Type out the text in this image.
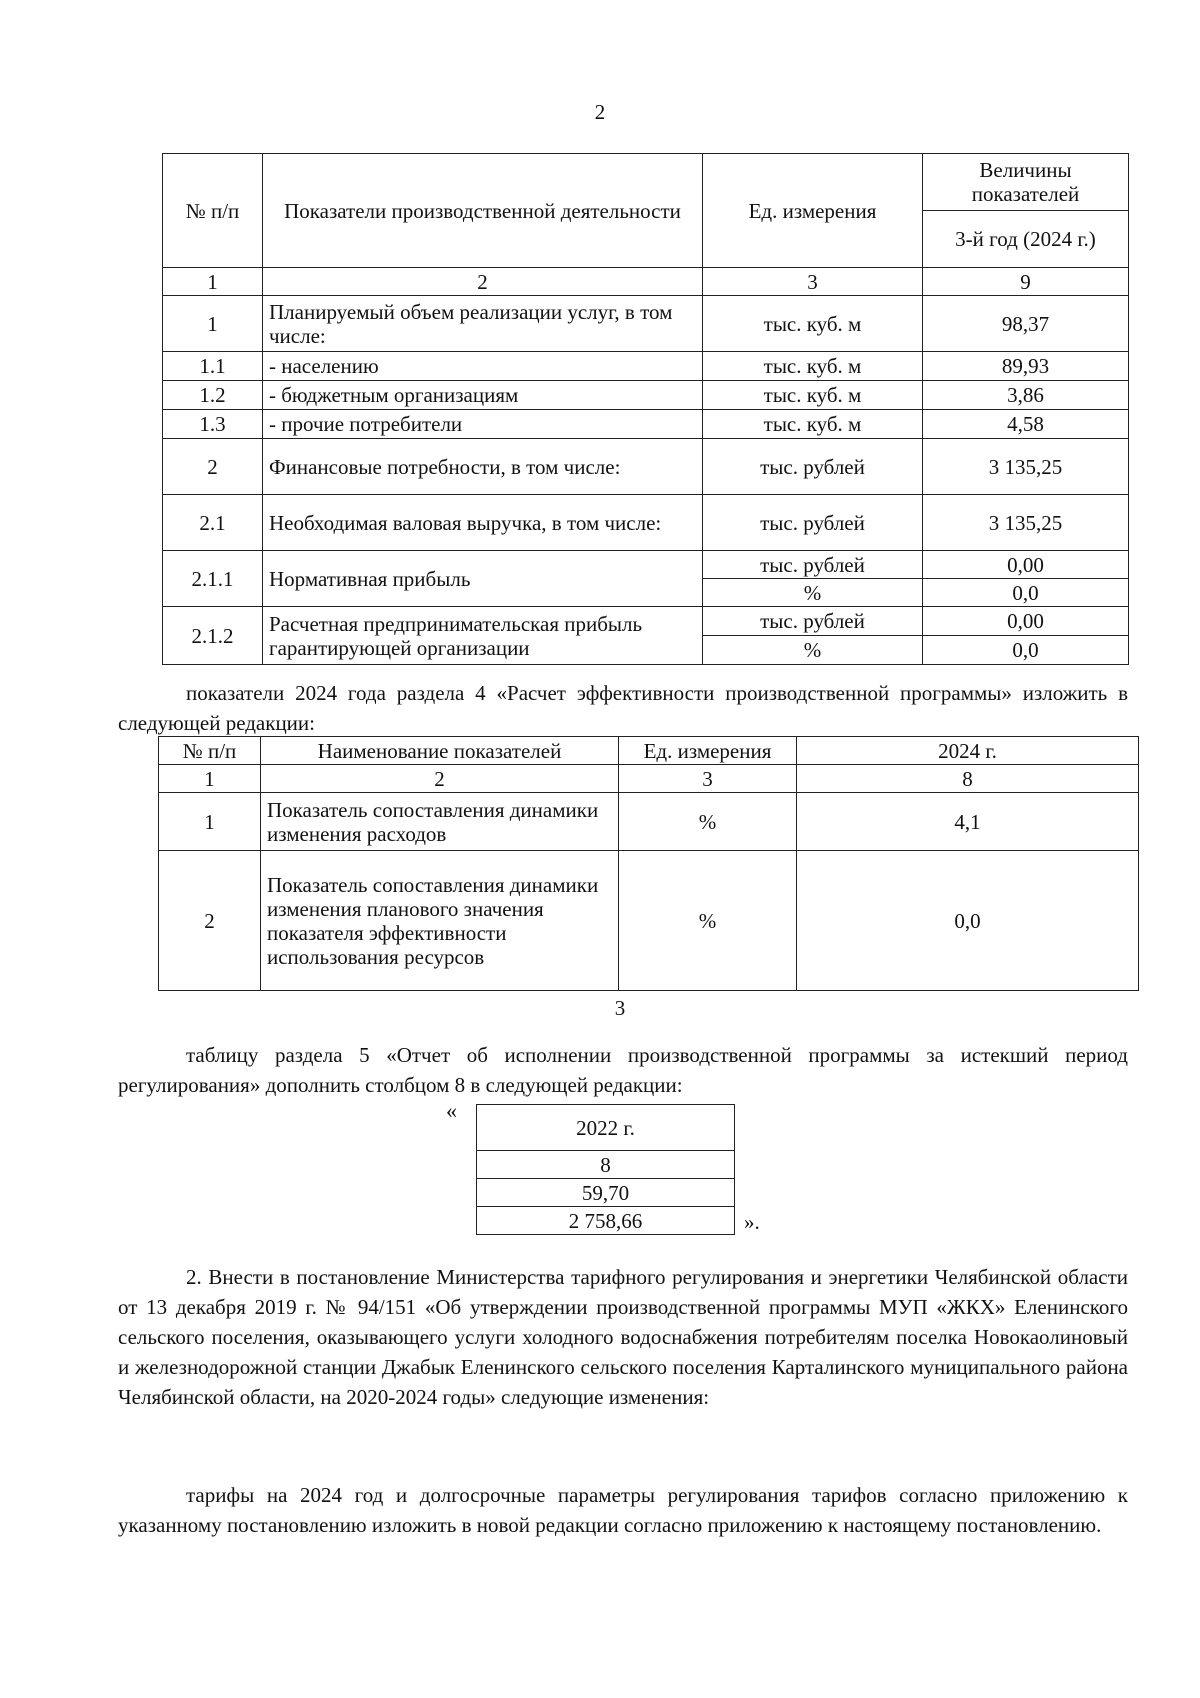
2
№ п/п	Показатели производственной деятельности	Ед. измерения	Величины показателей
			3-й год (2024 г.)
1	2	3	9
1	Планируемый объем реализации услуг, в том числе:	тыс. куб. м	98,37
1.1	- населению	тыс. куб. м	89,93
1.2	- бюджетным организациям	тыс. куб. м	3,86
1.3	- прочие потребители	тыс. куб. м	4,58
2	Финансовые потребности, в том числе:	тыс. рублей	3 135,25
2.1	Необходимая валовая выручка, в том числе:	тыс. рублей	3 135,25
2.1.1	Нормативная прибыль	тыс. рублей	0,00
		%	0,0
2.1.2	Расчетная предпринимательская прибыль гарантирующей организации	тыс. рублей	0,00
		%	0,0

показатели 2024 года раздела 4 «Расчет эффективности производственной программы» изложить в следующей редакции:

№ п/п	Наименование показателей	Ед. измерения	2024 г.
1	2	3	8
1	Показатель сопоставления динамики изменения расходов	%	4,1
2	Показатель сопоставления динамики изменения планового значения показателя эффективности использования ресурсов	%	0,0
3

таблицу раздела 5 «Отчет об исполнении производственной программы за истекший период регулирования» дополнить столбцом 8 в следующей редакции:

«
2022 г.
8
59,70
2 758,66	».

2. Внести в постановление Министерства тарифного регулирования и энергетики Челябинской области от 13 декабря 2019 г. № 94/151 «Об утверждении производственной программы МУП «ЖКХ» Еленинского сельского поселения, оказывающего услуги холодного водоснабжения потребителям поселка Новокаолиновый и железнодорожной станции Джабык Еленинского сельского поселения Карталинского муниципального района Челябинской области, на 2020-2024 годы» следующие изменения:

тарифы на 2024 год и долгосрочные параметры регулирования тарифов согласно приложению к указанному постановлению изложить в новой редакции согласно приложению к настоящему постановлению.
